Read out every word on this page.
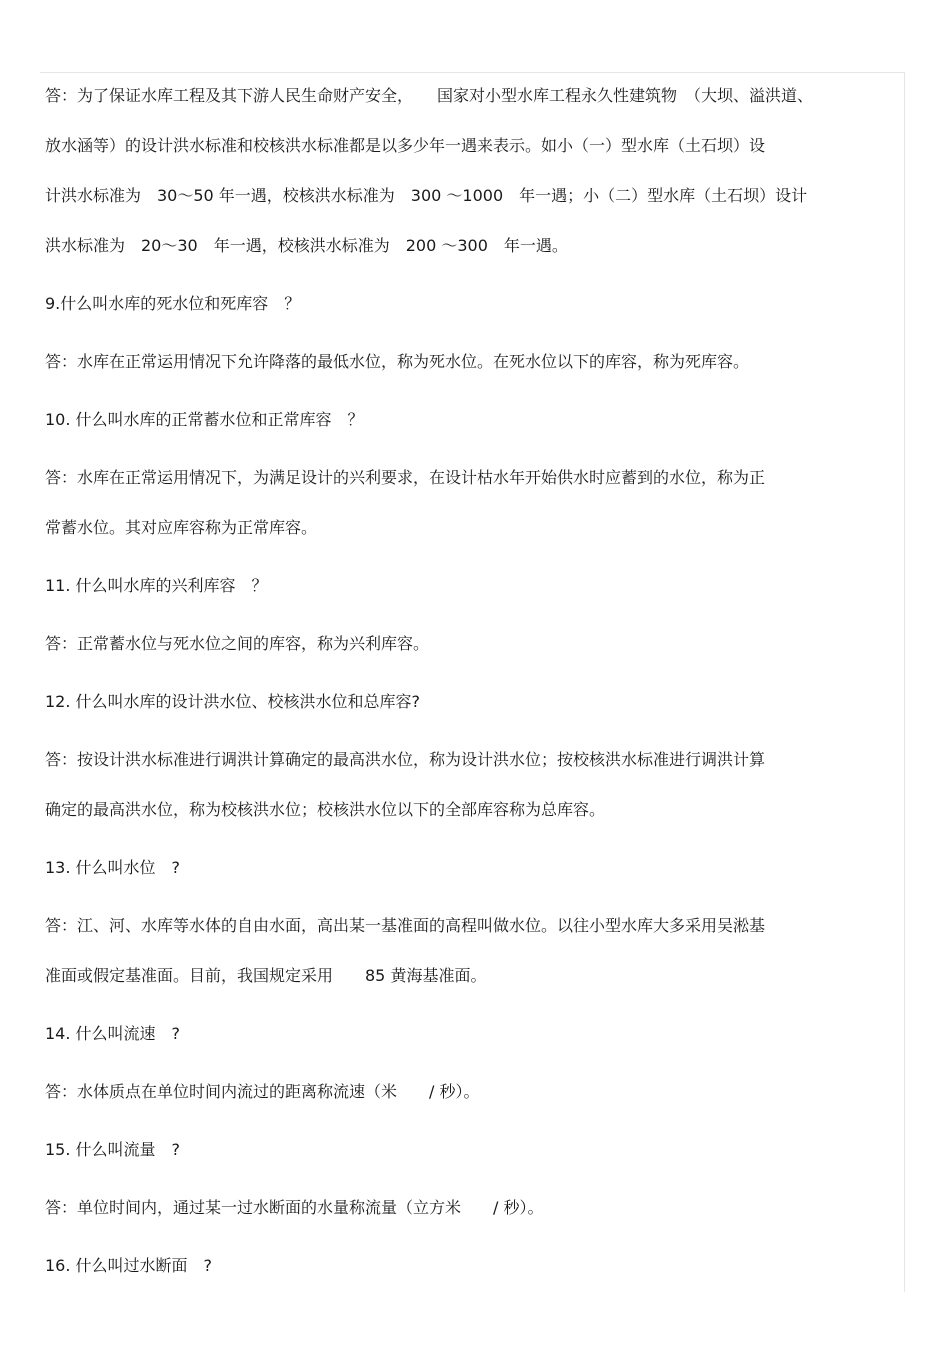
答：为了保证水库工程及其下游人民生命财产安全，　　国家对小型水库工程永久性建筑物　（大坝、溢洪道、
放水涵等）的设计洪水标准和校核洪水标准都是以多少年一遇来表示。如小（一）型水库（土石坝）设
计洪水标准为　30～50 年一遇，校核洪水标准为　300 ～1000　年一遇；小（二）型水库（土石坝）设计
洪水标准为　20～30　年一遇，校核洪水标准为　200 ～300　年一遇。
9.什么叫水库的死水位和死库容　？
答：水库在正常运用情况下允许降落的最低水位，称为死水位。在死水位以下的库容，称为死库容。
10. 什么叫水库的正常蓄水位和正常库容　？
答：水库在正常运用情况下，为满足设计的兴利要求，在设计枯水年开始供水时应蓄到的水位，称为正
常蓄水位。其对应库容称为正常库容。
11. 什么叫水库的兴利库容　？
答：正常蓄水位与死水位之间的库容，称为兴利库容。
12. 什么叫水库的设计洪水位、校核洪水位和总库容?
答：按设计洪水标准进行调洪计算确定的最高洪水位，称为设计洪水位；按校核洪水标准进行调洪计算
确定的最高洪水位，称为校核洪水位；校核洪水位以下的全部库容称为总库容。
13. 什么叫水位　?
答：江、河、水库等水体的自由水面，高出某一基准面的高程叫做水位。以往小型水库大多采用吴淞基
准面或假定基准面。目前，我国规定采用　　85 黄海基准面。
14. 什么叫流速　?
答：水体质点在单位时间内流过的距离称流速（米　　/ 秒）。
15. 什么叫流量　?
答：单位时间内，通过某一过水断面的水量称流量（立方米　　/ 秒）。
16. 什么叫过水断面　?
